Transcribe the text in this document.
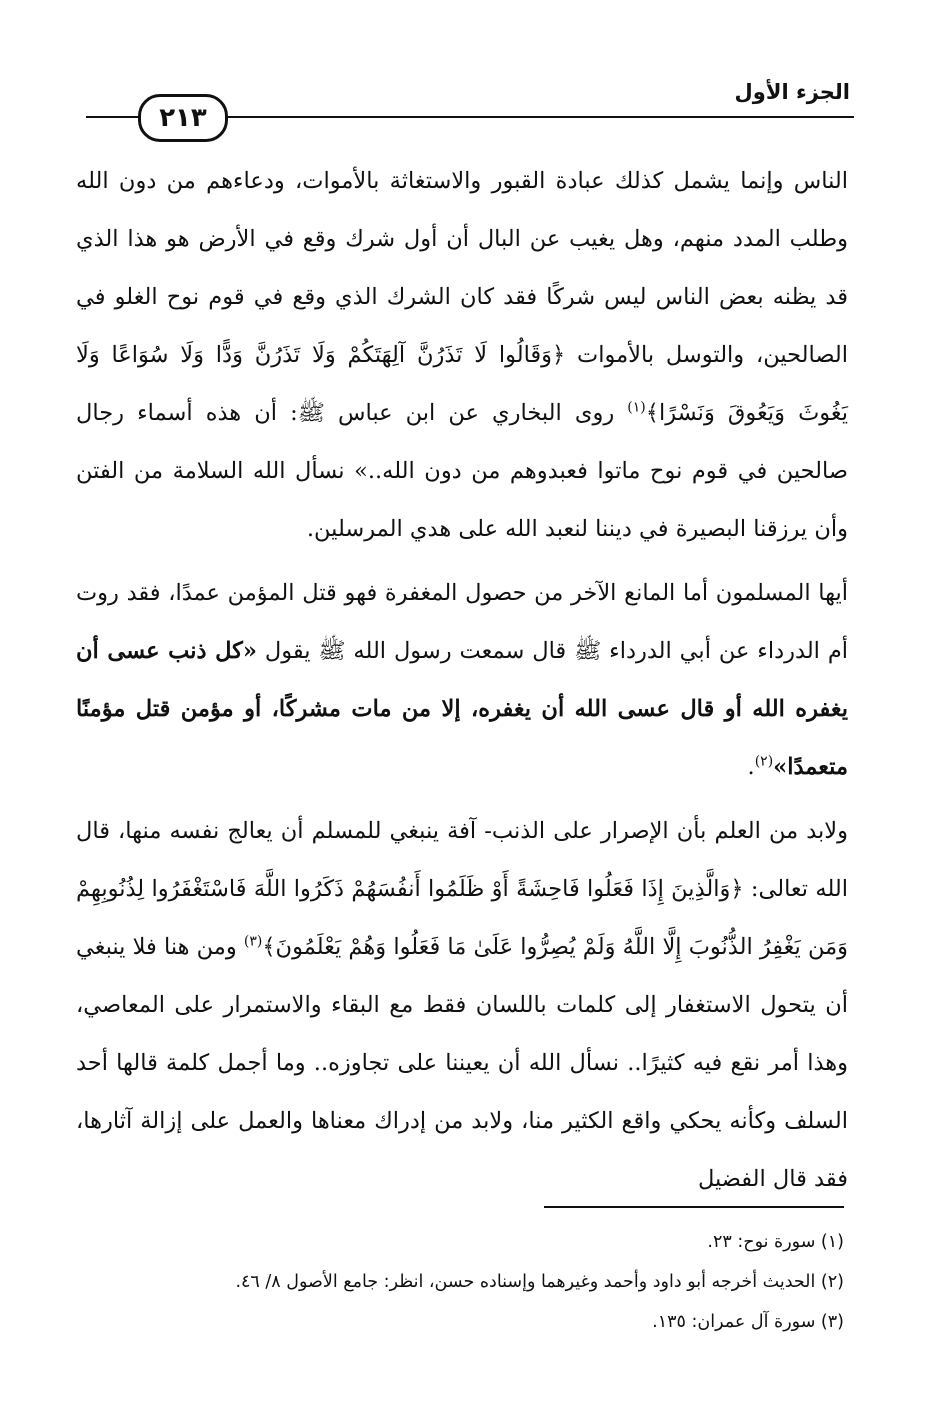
٢١٣
الجزء الأول

الناس وإنما يشمل كذلك عبادة القبور والاستغاثة بالأموات، ودعاءهم من دون الله وطلب المدد منهم، وهل يغيب عن البال أن أول شرك وقع في الأرض هو هذا الذي قد يظنه بعض الناس ليس شركًا فقد كان الشرك الذي وقع في قوم نوح الغلو في الصالحين، والتوسل بالأموات ﴿وَقَالُوا لَا تَذَرُنَّ آلِهَتَكُمْ وَلَا تَذَرُنَّ وَدًّا وَلَا سُوَاعًا وَلَا يَغُوثَ وَيَعُوقَ وَنَسْرًا﴾$^{(١)}$ روى البخاري عن ابن عباس ﷺ: أن هذه أسماء رجال صالحين في قوم نوح ماتوا فعبدوهم من دون الله..» نسأل الله السلامة من الفتن وأن يرزقنا البصيرة في ديننا لنعبد الله على هدي المرسلين.

أيها المسلمون أما المانع الآخر من حصول المغفرة فهو قتل المؤمن عمدًا، فقد روت أم الدرداء عن أبي الدرداء ﷺ قال سمعت رسول الله ﷺ يقول «كل ذنب عسى أن يغفره الله أو قال عسى الله أن يغفره، إلا من مات مشركًا، أو مؤمن قتل مؤمنًا متعمدًا»$^{(٢)}$.

ولابد من العلم بأن الإصرار على الذنب- آفة ينبغي للمسلم أن يعالج نفسه منها، قال الله تعالى: ﴿وَالَّذِينَ إِذَا فَعَلُوا فَاحِشَةً أَوْ ظَلَمُوا أَنفُسَهُمْ ذَكَرُوا اللَّهَ فَاسْتَغْفَرُوا لِذُنُوبِهِمْ وَمَن يَغْفِرُ الذُّنُوبَ إِلَّا اللَّهُ وَلَمْ يُصِرُّوا عَلَىٰ مَا فَعَلُوا وَهُمْ يَعْلَمُونَ﴾$^{(٣)}$ ومن هنا فلا ينبغي أن يتحول الاستغفار إلى كلمات باللسان فقط مع البقاء والاستمرار على المعاصي، وهذا أمر نقع فيه كثيرًا.. نسأل الله أن يعيننا على تجاوزه.. وما أجمل كلمة قالها أحد السلف وكأنه يحكي واقع الكثير منا، ولابد من إدراك معناها والعمل على إزالة آثارها، فقد قال الفضيل

(١) سورة نوح: ٢٣.
(٢) الحديث أخرجه أبو داود وأحمد وغيرهما وإسناده حسن، انظر: جامع الأصول ٨/ ٤٦.
(٣) سورة آل عمران: ١٣٥.
